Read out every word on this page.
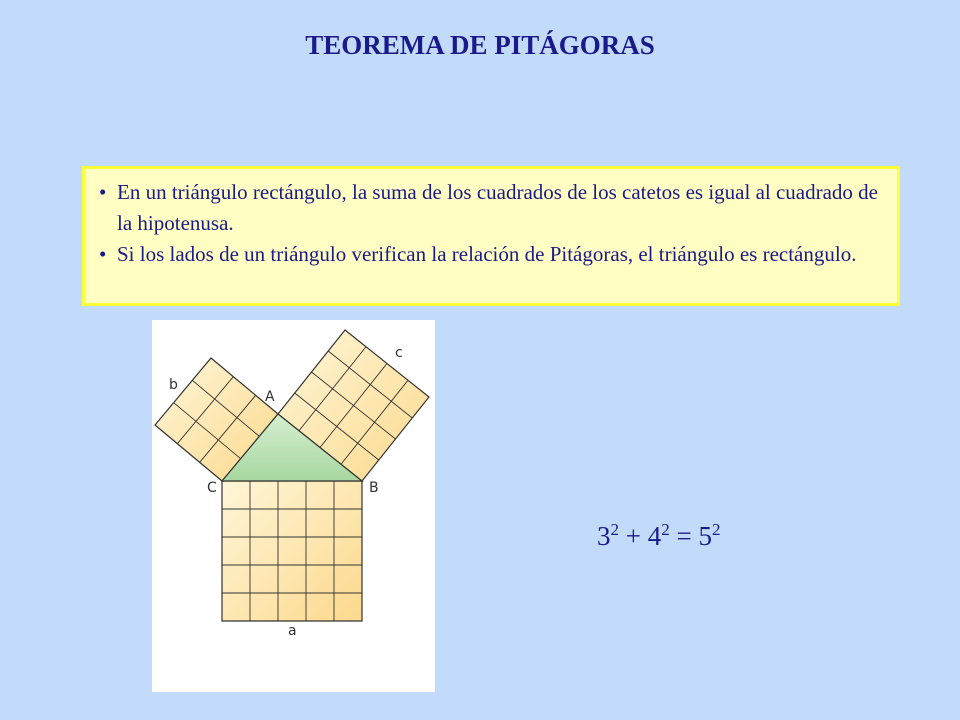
TEOREMA DE PITÁGORAS
• En un triángulo rectángulo, la suma de los cuadrados de los catetos es igual al cuadrado de la hipotenusa.
• Si los lados de un triángulo verifican la relación de Pitágoras, el triángulo es rectángulo.
a
b
c
A
B
C
$3^2 + 4^2 = 5^2$
